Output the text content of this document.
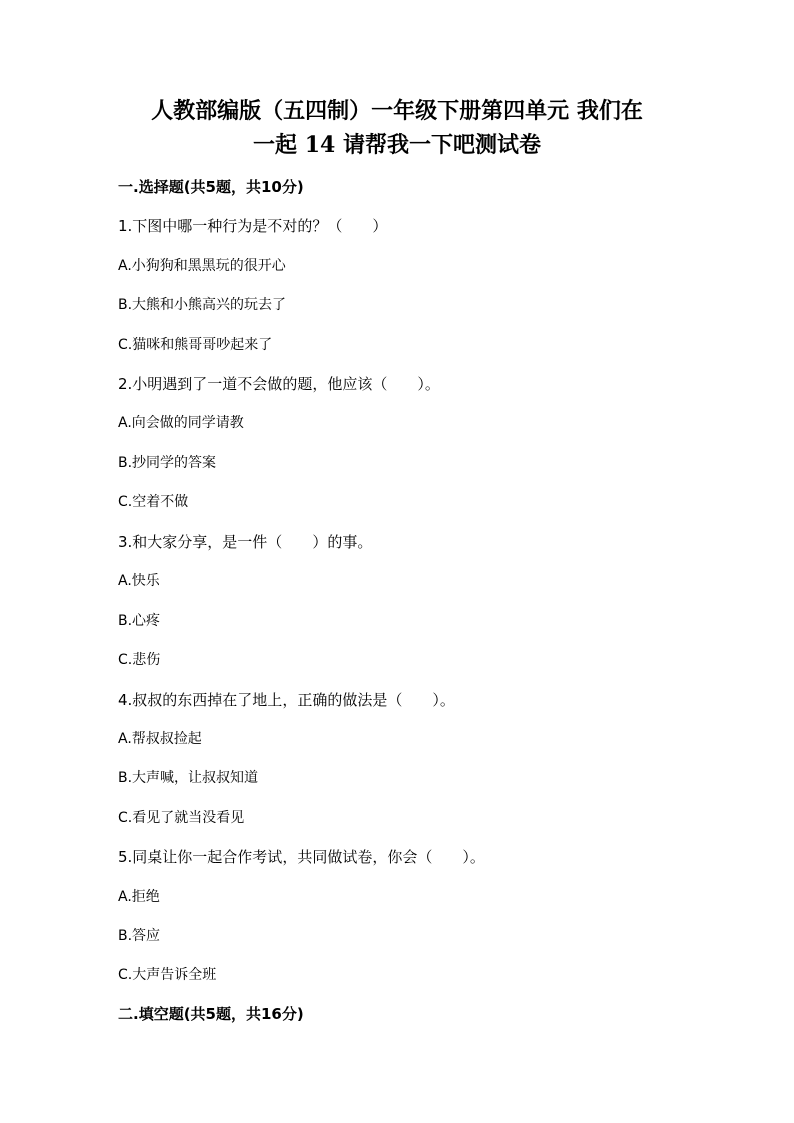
人教部编版（五四制）一年级下册第四单元 我们在
一起 14 请帮我一下吧测试卷

一.选择题(共5题，共10分)

1.下图中哪一种行为是不对的？（　　）

A.小狗狗和黑黑玩的很开心

B.大熊和小熊高兴的玩去了

C.猫咪和熊哥哥吵起来了

2.小明遇到了一道不会做的题，他应该（　　）。

A.向会做的同学请教

B.抄同学的答案

C.空着不做

3.和大家分享，是一件（　　）的事。

A.快乐

B.心疼

C.悲伤

4.叔叔的东西掉在了地上，正确的做法是（　　）。

A.帮叔叔捡起

B.大声喊，让叔叔知道

C.看见了就当没看见

5.同桌让你一起合作考试，共同做试卷，你会（　　）。

A.拒绝

B.答应

C.大声告诉全班

二.填空题(共5题，共16分)
